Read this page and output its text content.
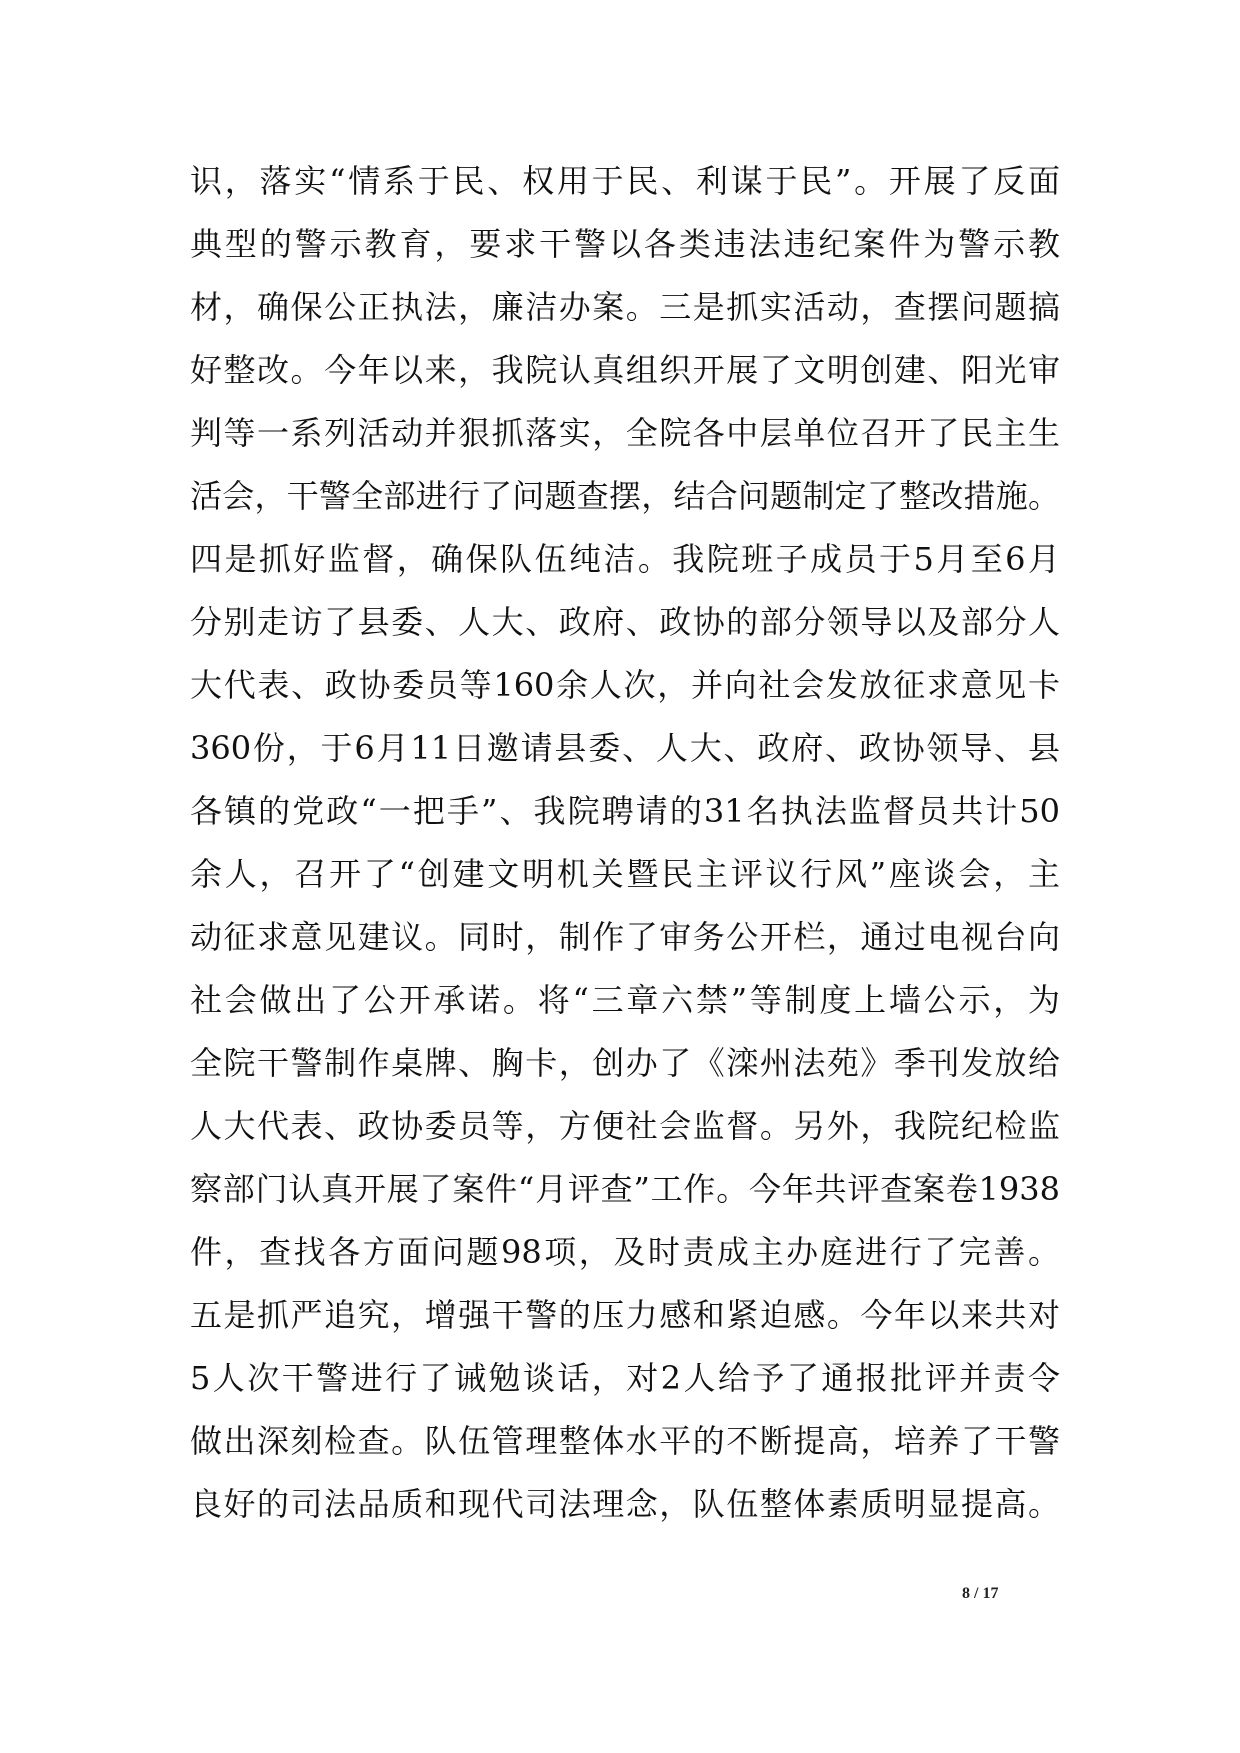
识，落实“情系于民、权用于民、利谋于民”。开展了反面
典型的警示教育，要求干警以各类违法违纪案件为警示教
材，确保公正执法，廉洁办案。三是抓实活动，查摆问题搞
好整改。今年以来，我院认真组织开展了文明创建、阳光审
判等一系列活动并狠抓落实，全院各中层单位召开了民主生
活会，干警全部进行了问题查摆，结合问题制定了整改措施。
四是抓好监督，确保队伍纯洁。我院班子成员于5月至6月
分别走访了县委、人大、政府、政协的部分领导以及部分人
大代表、政协委员等160余人次，并向社会发放征求意见卡
360份，于6月11日邀请县委、人大、政府、政协领导、县
各镇的党政“一把手”、我院聘请的31名执法监督员共计50
余人，召开了“创建文明机关暨民主评议行风”座谈会，主
动征求意见建议。同时，制作了审务公开栏，通过电视台向
社会做出了公开承诺。将“三章六禁”等制度上墙公示，为
全院干警制作桌牌、胸卡，创办了《滦州法苑》季刊发放给
人大代表、政协委员等，方便社会监督。另外，我院纪检监
察部门认真开展了案件“月评查”工作。今年共评查案卷1938
件，查找各方面问题98项，及时责成主办庭进行了完善。
五是抓严追究，增强干警的压力感和紧迫感。今年以来共对
5人次干警进行了诫勉谈话，对2人给予了通报批评并责令
做出深刻检查。队伍管理整体水平的不断提高，培养了干警
良好的司法品质和现代司法理念，队伍整体素质明显提高。
8 / 17
